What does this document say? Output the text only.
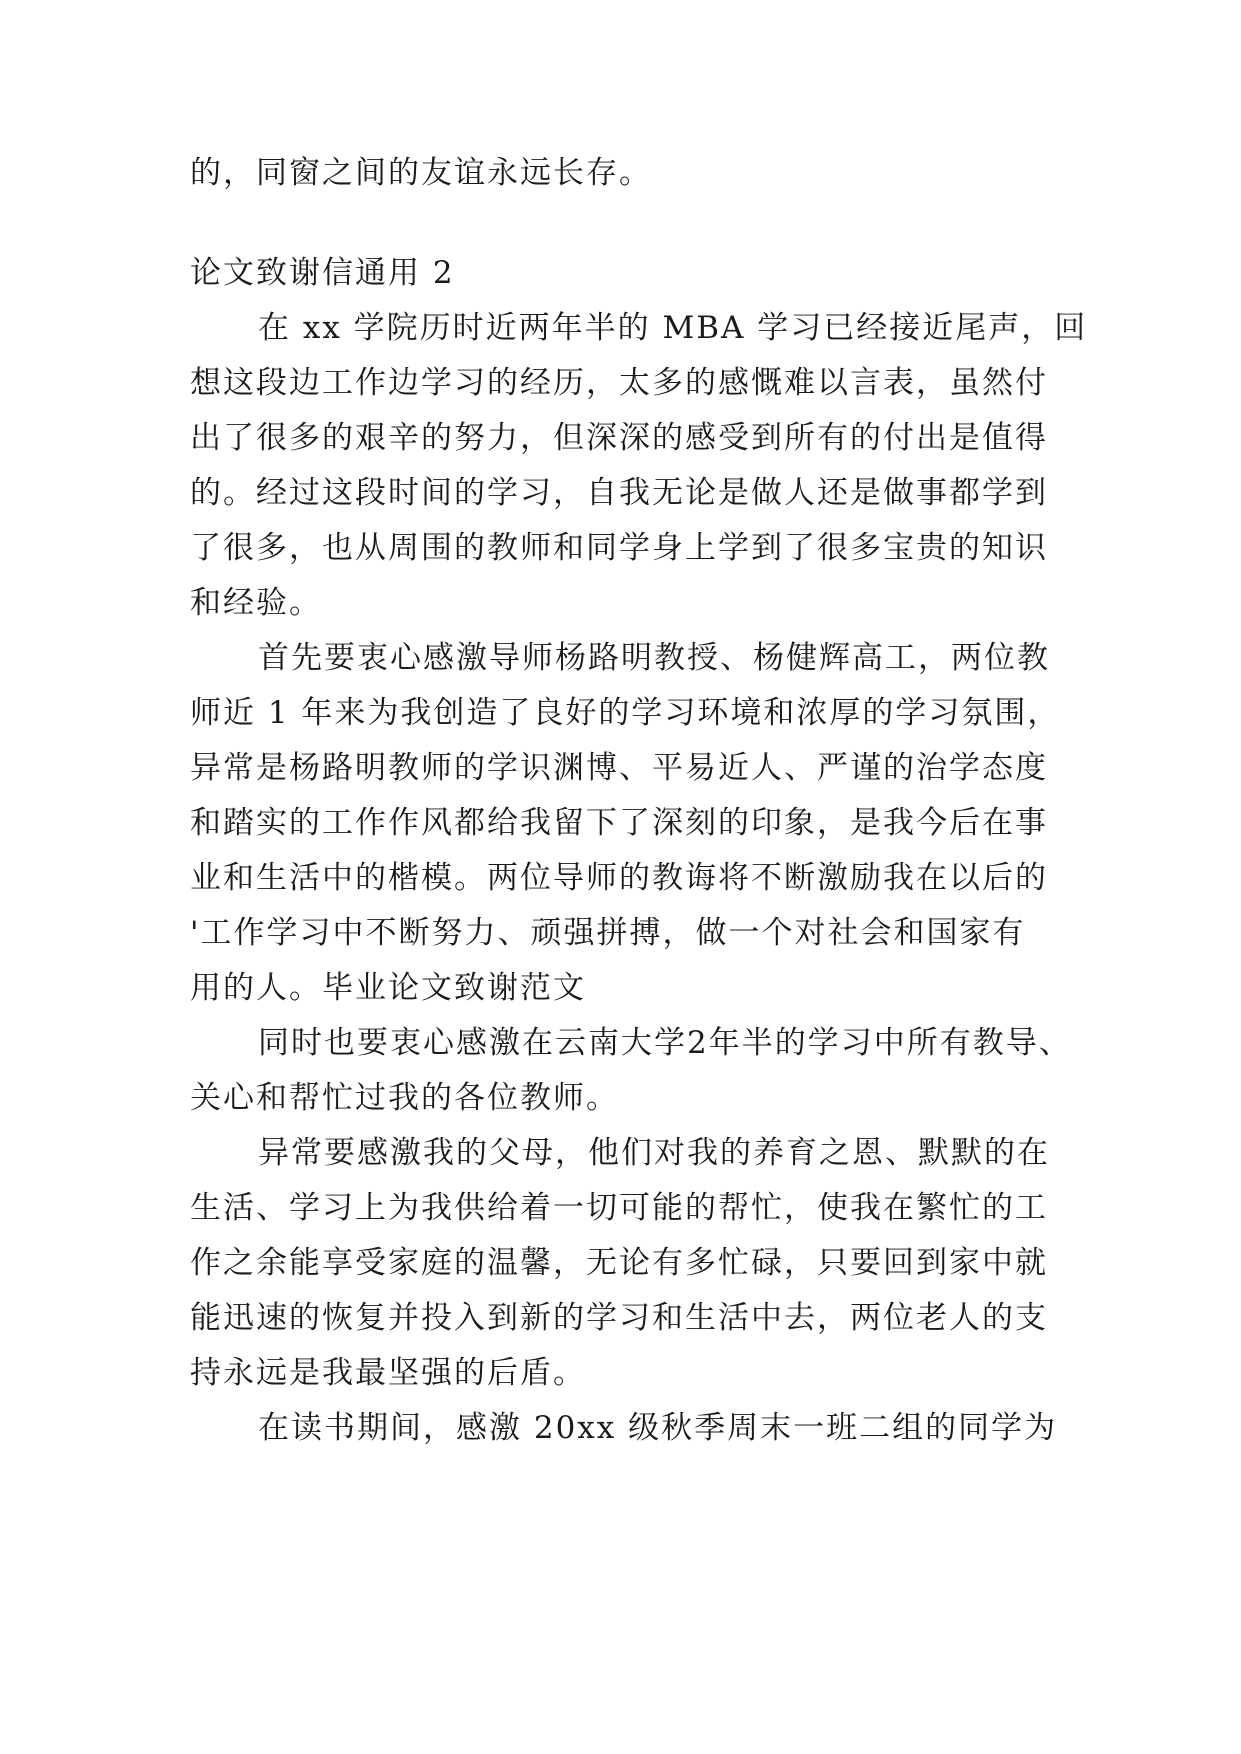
的，同窗之间的友谊永远长存。
论文致谢信通用 2
在 xx 学院历时近两年半的 MBA 学习已经接近尾声，回
想这段边工作边学习的经历，太多的感慨难以言表，虽然付
出了很多的艰辛的努力，但深深的感受到所有的付出是值得
的。经过这段时间的学习，自我无论是做人还是做事都学到
了很多，也从周围的教师和同学身上学到了很多宝贵的知识
和经验。
首先要衷心感激导师杨路明教授、杨健辉高工，两位教
师近 1 年来为我创造了良好的学习环境和浓厚的学习氛围，
异常是杨路明教师的学识渊博、平易近人、严谨的治学态度
和踏实的工作作风都给我留下了深刻的印象，是我今后在事
业和生活中的楷模。两位导师的教诲将不断激励我在以后的
'工作学习中不断努力、顽强拼搏，做一个对社会和国家有
用的人。毕业论文致谢范文
同时也要衷心感激在云南大学2年半的学习中所有教导、
关心和帮忙过我的各位教师。
异常要感激我的父母，他们对我的养育之恩、默默的在
生活、学习上为我供给着一切可能的帮忙，使我在繁忙的工
作之余能享受家庭的温馨，无论有多忙碌，只要回到家中就
能迅速的恢复并投入到新的学习和生活中去，两位老人的支
持永远是我最坚强的后盾。
在读书期间，感激 20xx 级秋季周末一班二组的同学为
